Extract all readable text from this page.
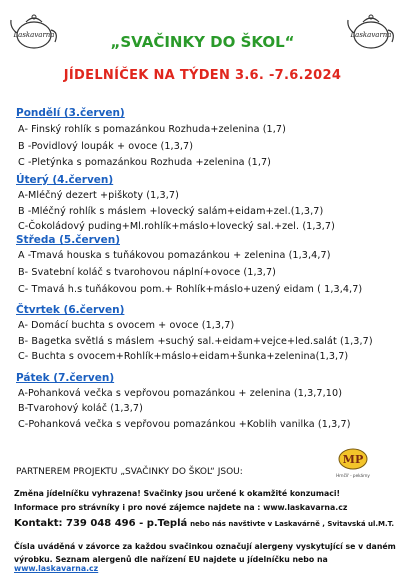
Laskavarna	Laskavarna
„SVAČINKY DO ŠKOL“
JÍDELNÍČEK NA TÝDEN 3.6. -7.6.2024
Pondělí (3.červen)
A- Finský rohlík s pomazánkou Rozhuda+zelenina (1,7)
B -Povidlový loupák + ovoce (1,3,7)
C -Pletýnka s pomazánkou Rozhuda +zelenina (1,7)
Úterý (4.červen)
A-Mléčný dezert +piškoty (1,3,7)
B -Mléčný rohlík s máslem +lovecký salám+eidam+zel.(1,3,7)
C-Čokoládový puding+Ml.rohlík+máslo+lovecký sal.+zel. (1,3,7)
Středa (5.červen)
A -Tmavá houska s tuňákovou pomazánkou + zelenina (1,3,4,7)
B- Svatební koláč s tvarohovou náplní+ovoce (1,3,7)
C- Tmavá h.s tuňákovou pom.+ Rohlík+máslo+uzený eidam ( 1,3,4,7)
Čtvrtek (6.červen)
A- Domácí buchta s ovocem + ovoce (1,3,7)
B- Bagetka světlá s máslem +suchý sal.+eidam+vejce+led.salát (1,3,7)
C- Buchta s ovocem+Rohlík+máslo+eidam+šunka+zelenina(1,3,7)
Pátek (7.červen)
A-Pohanková večka s vepřovou pomazánkou + zelenina (1,3,7,10)
B-Tvarohový koláč (1,3,7)
C-Pohanková večka s vepřovou pomazánkou +Koblih vanilka (1,3,7)
PARTNEREM PROJEKTU „SVAČINKY DO ŠKOL“ JSOU:
MP
Hrnčíř - pekárny
Změna jídelníčku vyhrazena! Svačinky jsou určené k okamžité konzumaci!
Informace pro strávníky i pro nové zájemce najdete na : www.laskavarna.cz
Kontakt: 739 048 496 - p.Teplá nebo nás navštivte v Laskavárně , Svitavská ul.M.T.
Čísla uváděná v závorce za každou svačinkou označují alergeny vyskytující se v daném
výrobku. Seznam alergenů dle nařízení EU najdete u jídelníčku nebo na www.laskavarna.cz
